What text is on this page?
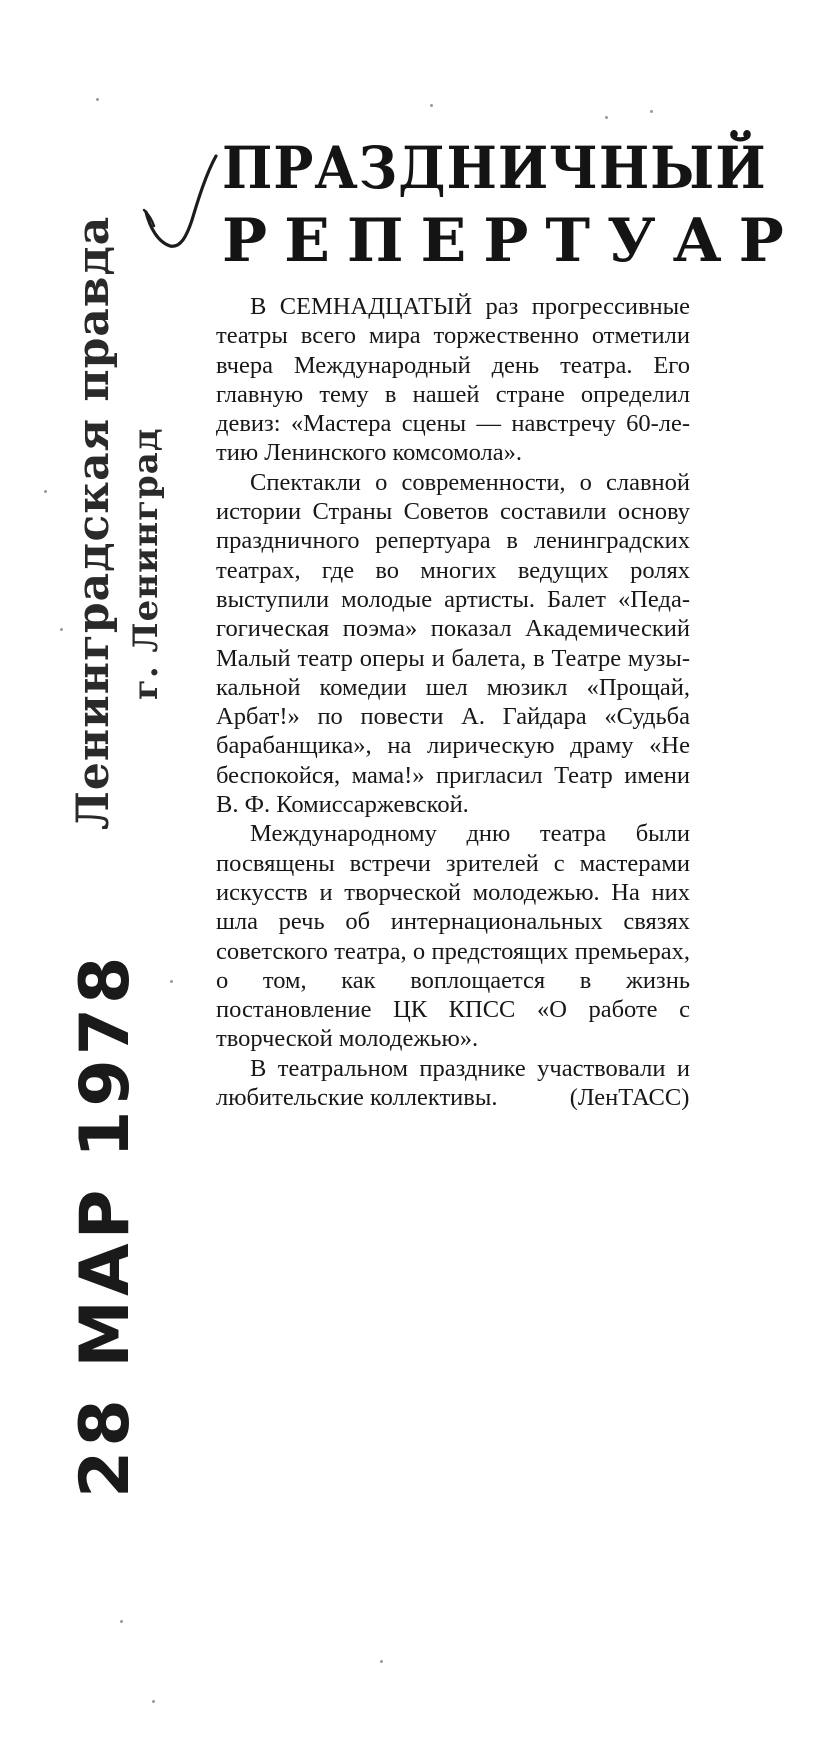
Ленинградская правда г. Ленинград
28 МАР 1978
ПРАЗДНИЧНЫЙ
РЕПЕРТУАР

В СЕМНАДЦАТЫЙ раз прогрессивные театры всего мира торжественно отметили вчера Международный день театра. Его главную тему в нашей стране определил девиз: «Мастера сцены — навстречу 60-летию Ленинского комсомола».

Спектакли о современности, о славной истории Страны Советов составили основу праздничного репертуара в ленинградских театрах, где во многих ведущих ролях выступили молодые артисты. Балет «Педагогическая поэма» показал Академический Малый театр оперы и балета, в Театре музыкальной комедии шел мюзикл «Прощай, Арбат!» по повести А. Гайдара «Судьба барабанщика», на лирическую драму «Не беспокойся, мама!» пригласил Театр имени В. Ф. Комиссаржевской.

Международному дню театра были посвящены встречи зрителей с мастерами искусств и творческой молодежью. На них шла речь об интернациональных связях советского театра, о предстоящих премьерах, о том, как воплощается в жизнь постановление ЦК КПСС «О работе с творческой молодежью».

В театральном празднике участвовали и любительские коллективы.	(ЛенТАСС)
